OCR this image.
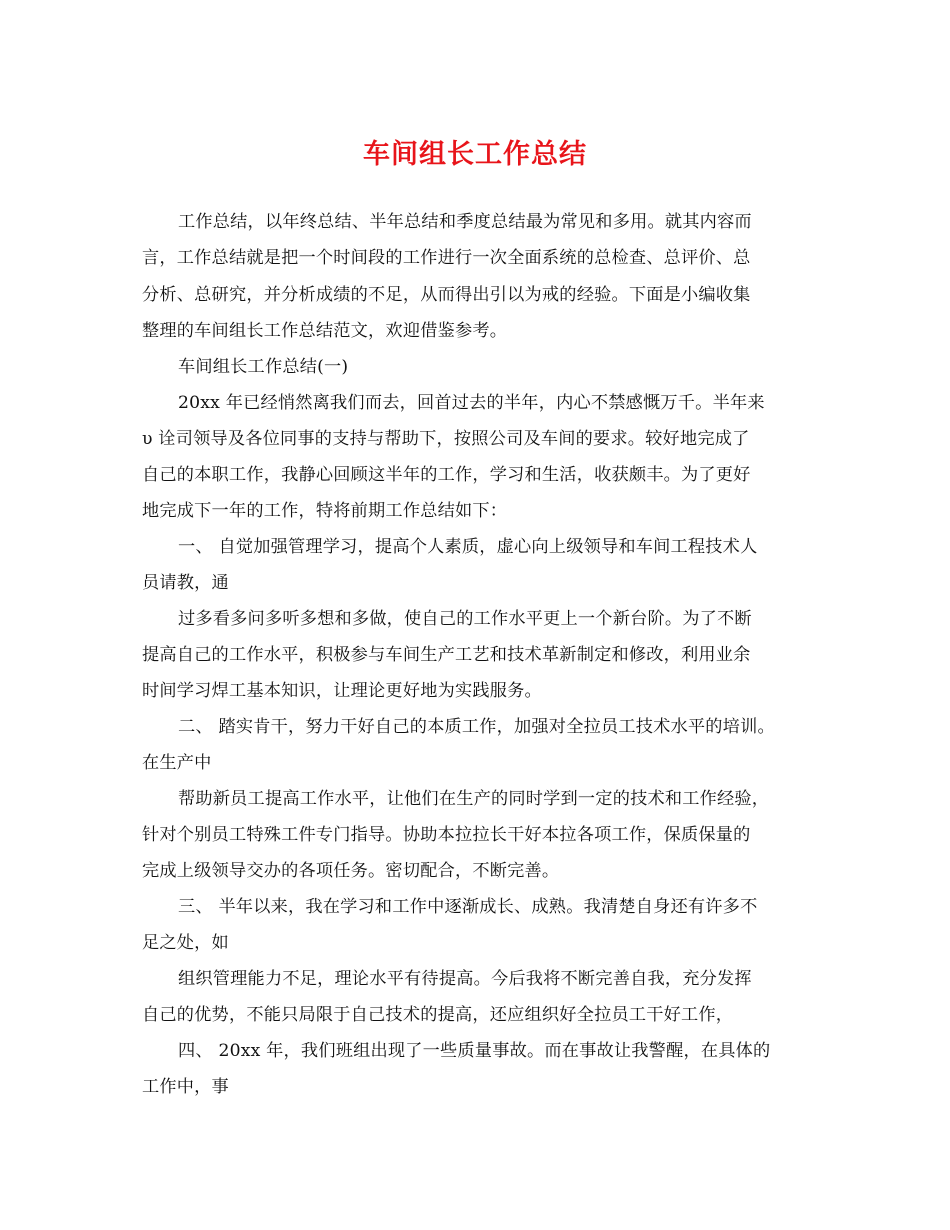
车间组长工作总结
工作总结，以年终总结、半年总结和季度总结最为常见和多用。就其内容而
言，工作总结就是把一个时间段的工作进行一次全面系统的总检查、总评价、总
分析、总研究，并分析成绩的不足，从而得出引以为戒的经验。下面是小编收集
整理的车间组长工作总结范文，欢迎借鉴参考。
车间组长工作总结(一)
20xx 年已经悄然离我们而去，回首过去的半年，内心不禁感慨万千。半年来
υ 诠司领导及各位同事的支持与帮助下，按照公司及车间的要求。较好地完成了
自己的本职工作，我静心回顾这半年的工作，学习和生活，收获颇丰。为了更好
地完成下一年的工作，特将前期工作总结如下：
一、 自觉加强管理学习，提高个人素质，虚心向上级领导和车间工程技术人
员请教，通
过多看多问多听多想和多做，使自己的工作水平更上一个新台阶。为了不断
提高自己的工作水平，积极参与车间生产工艺和技术革新制定和修改，利用业余
时间学习焊工基本知识，让理论更好地为实践服务。
二、 踏实肯干，努力干好自己的本质工作，加强对全拉员工技术水平的培训。
在生产中
帮助新员工提高工作水平，让他们在生产的同时学到一定的技术和工作经验，
针对个别员工特殊工件专门指导。协助本拉拉长干好本拉各项工作，保质保量的
完成上级领导交办的各项任务。密切配合，不断完善。
三、 半年以来，我在学习和工作中逐渐成长、成熟。我清楚自身还有许多不
足之处，如
组织管理能力不足，理论水平有待提高。今后我将不断完善自我，充分发挥
自己的优势，不能只局限于自己技术的提高，还应组织好全拉员工干好工作，
四、 20xx 年，我们班组出现了一些质量事故。而在事故让我警醒，在具体的
工作中，事
